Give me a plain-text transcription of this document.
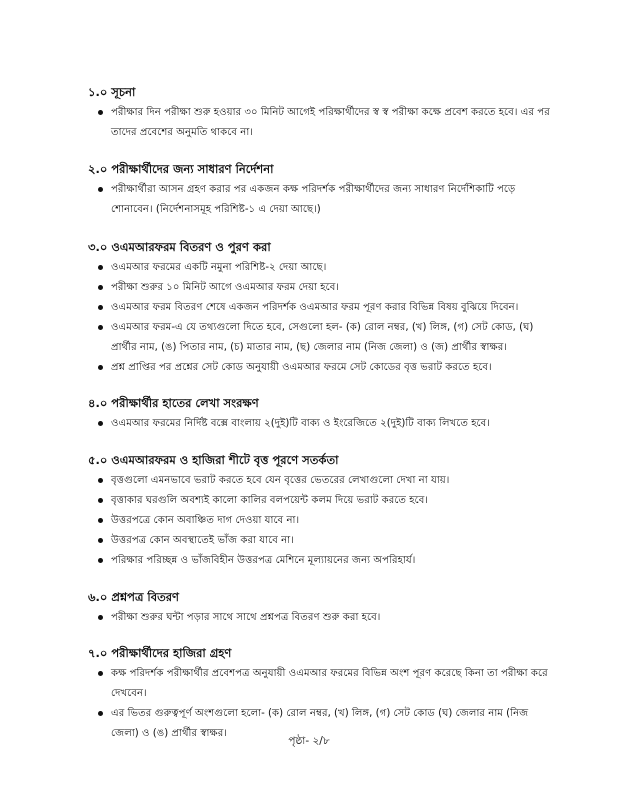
১.০ সূচনা
পরীক্ষার দিন পরীক্ষা শুরু হওয়ার ৩০ মিনিট আগেই পরিক্ষার্থীদের স্ব স্ব পরীক্ষা কক্ষে প্রবেশ করতে হবে। এর পর তাদের প্রবেশের অনুমতি থাকবে না।
২.০ পরীক্ষার্থীদের জন্য সাধারণ নির্দেশনা
পরীক্ষার্থীরা আসন গ্রহণ করার পর একজন কক্ষ পরিদর্শক পরীক্ষার্থীদের জন্য সাধারণ নির্দেশিকাটি পড়ে শোনাবেন। (নির্দেশনাসমূহ পরিশিষ্ট-১ এ দেয়া আছে।)
৩.০ ওএমআরফরম বিতরণ ও পুরণ করা
ওএমআর ফরমের একটি নমুনা পরিশিষ্ট-২ দেয়া আছে।
পরীক্ষা শুরুর ১০ মিনিট আগে ওএমআর ফরম দেয়া হবে।
ওএমআর ফরম বিতরণ শেষে একজন পরিদর্শক ওএমআর ফরম পূরণ করার বিভিন্ন বিষয় বুঝিয়ে দিবেন।
ওএমআর ফরম-এ যে তথ্যগুলো দিতে হবে, সেগুলো হল- (ক) রোল নম্বর, (খ) লিঙ্গ, (গ) সেট কোড, (ঘ) প্রার্থীর নাম, (ঙ) পিতার নাম, (চ) মাতার নাম, (ছ) জেলার নাম (নিজ জেলা) ও (জ) প্রার্থীর স্বাক্ষর।
প্রশ্ন প্রাপ্তির পর প্রশ্নের সেট কোড অনুযায়ী ওএমআর ফরমে সেট কোডের বৃত্ত ভরাট করতে হবে।
৪.০ পরীক্ষার্থীর হাতের লেখা সংরক্ষণ
ওএমআর ফরমের নির্দিষ্ট বক্সে বাংলায় ২(দুই)টি বাক্য ও ইংরেজিতে ২(দুই)টি বাক্য লিখতে হবে।
৫.০ ওএমআরফরম ও হাজিরা শীটে বৃত্ত পূরণে সতর্কতা
বৃত্তগুলো এমনভাবে ভরাট করতে হবে যেন বৃত্তের ভেতরের লেখাগুলো দেখা না যায়।
বৃত্তাকার ঘরগুলি অবশ্যই কালো কালির বলপয়েন্ট কলম দিয়ে ভরাট করতে হবে।
উত্তরপত্রে কোন অবাঞ্চিত দাগ দেওয়া যাবে না।
উত্তরপত্র কোন অবস্থাতেই ভাঁজ করা যাবে না।
পরিক্ষার পরিচ্ছন্ন ও ভাঁজবিহীন উত্তরপত্র মেশিনে মূল্যায়নের জন্য অপরিহার্য।
৬.০ প্রশ্নপত্র বিতরণ
পরীক্ষা শুরুর ঘন্টা পড়ার সাথে সাথে প্রশ্নপত্র বিতরণ শুরু করা হবে।
৭.০ পরীক্ষার্থীদের হাজিরা গ্রহণ
কক্ষ পরিদর্শক পরীক্ষার্থীর প্রবেশপত্র অনুযায়ী ওএমআর ফরমের বিভিন্ন অংশ পূরণ করেছে কিনা তা পরীক্ষা করে দেখবেন।
এর ভিতর গুরুত্বপূর্ণ অংশগুলো হলো- (ক) রোল নম্বর, (খ) লিঙ্গ, (গ) সেট কোড (ঘ) জেলার নাম (নিজ জেলা) ও (ঙ) প্রার্থীর স্বাক্ষর।
পৃষ্ঠা- ২/৮
